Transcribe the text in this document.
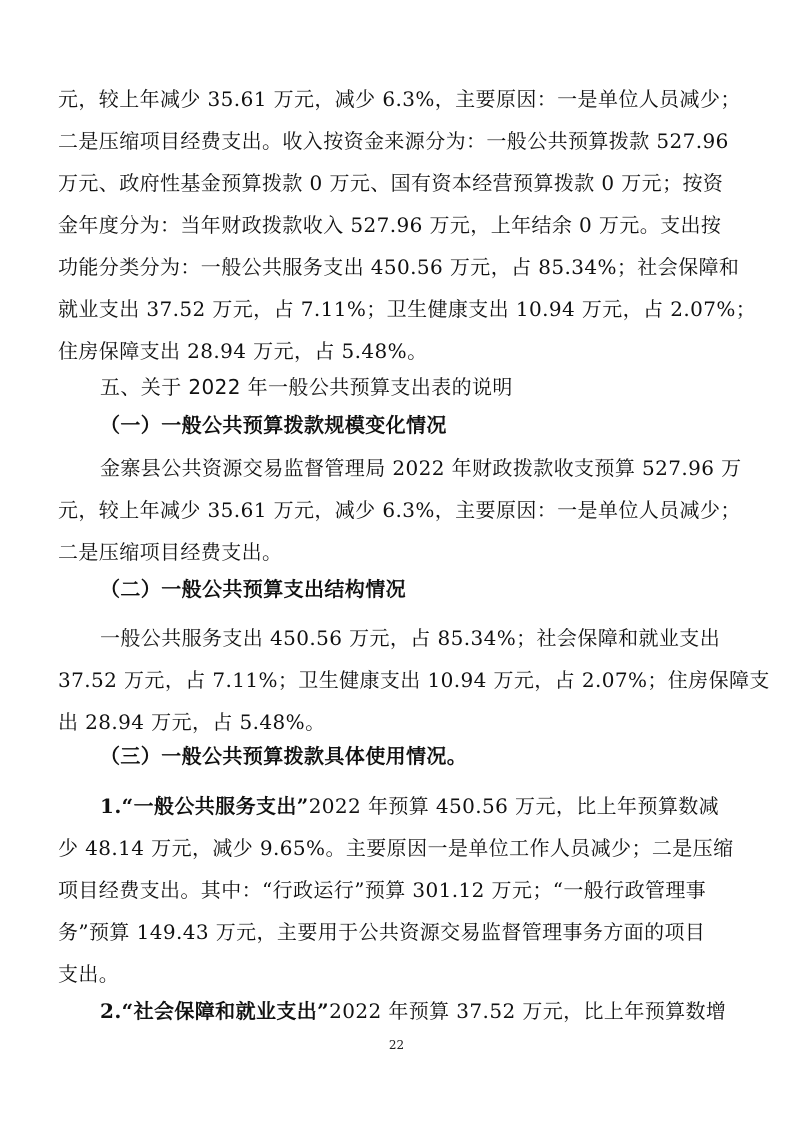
元，较上年减少 35.61 万元，减少 6.3%，主要原因：一是单位人员减少；
二是压缩项目经费支出。收入按资金来源分为：一般公共预算拨款 527.96
万元、政府性基金预算拨款 0 万元、国有资本经营预算拨款 0 万元；按资
金年度分为：当年财政拨款收入 527.96 万元，上年结余 0 万元。支出按
功能分类分为：一般公共服务支出 450.56 万元，占 85.34%；社会保障和
就业支出 37.52 万元，占 7.11%；卫生健康支出 10.94 万元，占 2.07%；
住房保障支出 28.94 万元，占 5.48%。
五、关于 2022 年一般公共预算支出表的说明
（一）一般公共预算拨款规模变化情况
金寨县公共资源交易监督管理局 2022 年财政拨款收支预算 527.96 万
元，较上年减少 35.61 万元，减少 6.3%，主要原因：一是单位人员减少；
二是压缩项目经费支出。
（二）一般公共预算支出结构情况
一般公共服务支出 450.56 万元，占 85.34%；社会保障和就业支出
37.52 万元，占 7.11%；卫生健康支出 10.94 万元，占 2.07%；住房保障支
出 28.94 万元，占 5.48%。
（三）一般公共预算拨款具体使用情况。
1.“一般公共服务支出”2022 年预算 450.56 万元，比上年预算数减
少 48.14 万元，减少 9.65%。主要原因一是单位工作人员减少；二是压缩
项目经费支出。其中：“行政运行”预算 301.12 万元；“一般行政管理事
务”预算 149.43 万元，主要用于公共资源交易监督管理事务方面的项目
支出。
2.“社会保障和就业支出”2022 年预算 37.52 万元，比上年预算数增
22
